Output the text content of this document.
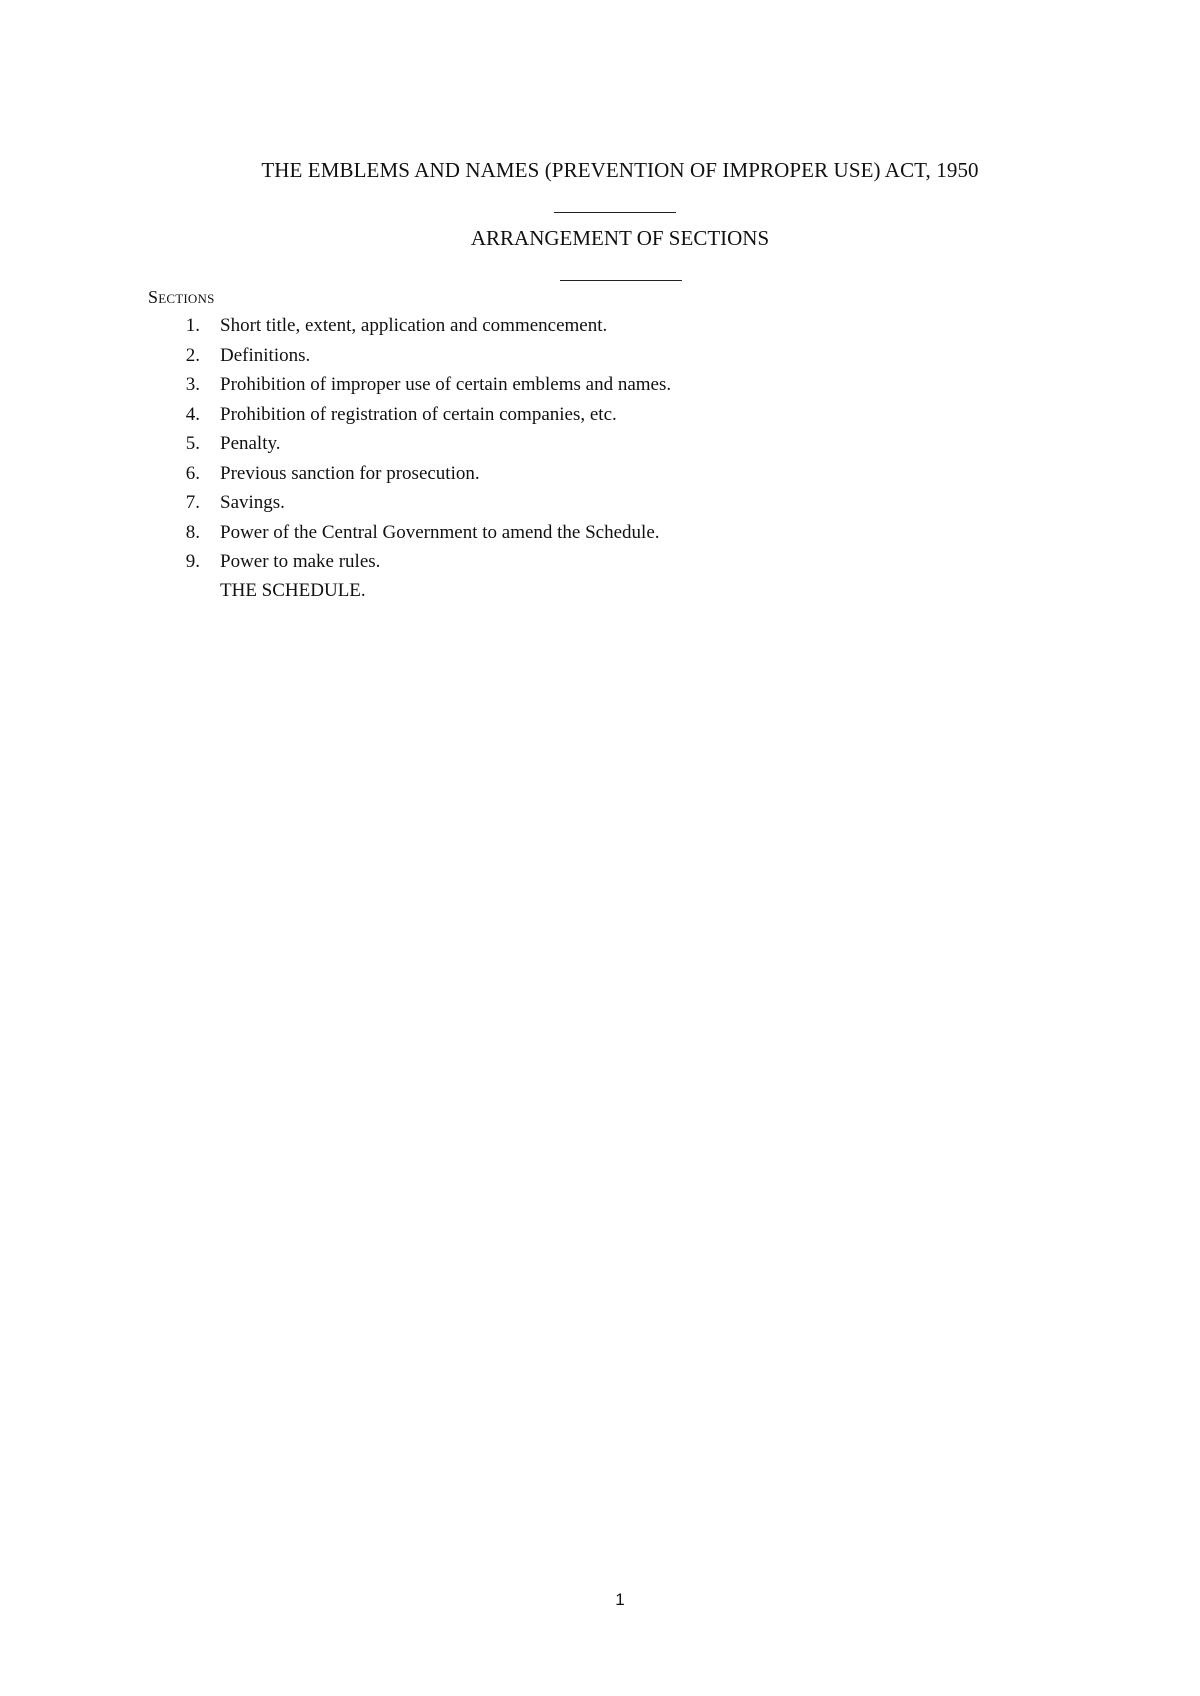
THE EMBLEMS AND NAMES (PREVENTION OF IMPROPER USE) ACT, 1950
ARRANGEMENT OF SECTIONS
Sections
1. Short title, extent, application and commencement.
2. Definitions.
3. Prohibition of improper use of certain emblems and names.
4. Prohibition of registration of certain companies, etc.
5. Penalty.
6. Previous sanction for prosecution.
7. Savings.
8. Power of the Central Government to amend the Schedule.
9. Power to make rules.
THE SCHEDULE.
1
